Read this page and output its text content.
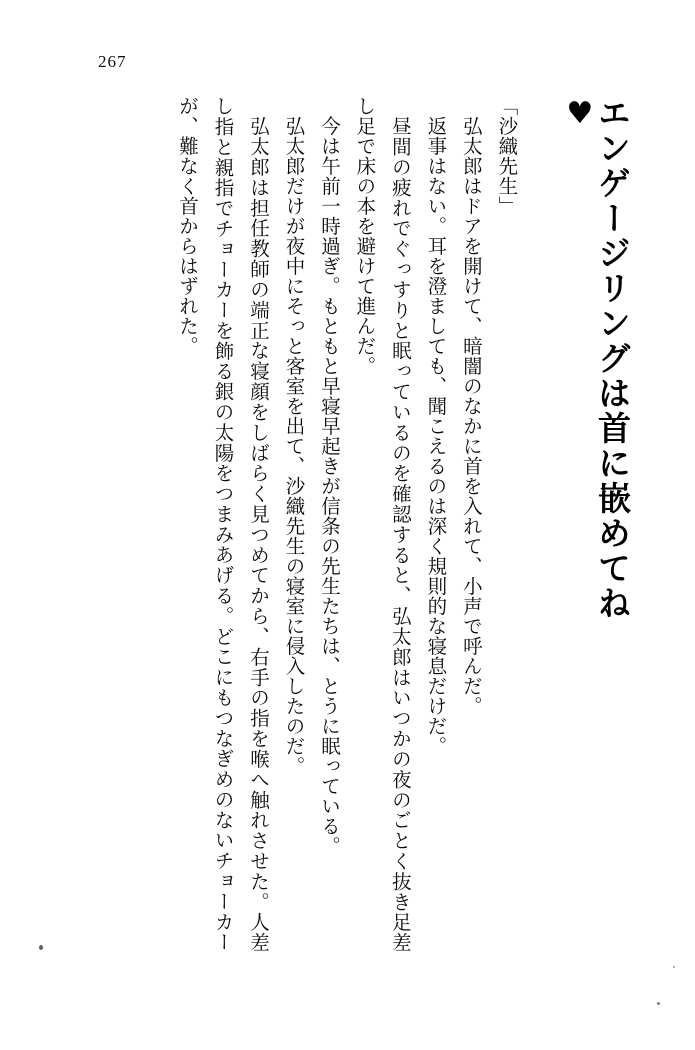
267
エンゲージリングは首に嵌めてね
♥

「沙織先生」

弘太郎はドアを開けて、暗闇のなかに首を入れて、小声で呼んだ。

返事はない。耳を澄ましても、聞こえるのは深く規則的な寝息だけだ。

昼間の疲れでぐっすりと眠っているのを確認すると、弘太郎はいつかの夜のごとく抜き足差し足で床の本を避けて進んだ。

今は午前一時過ぎ。もともと早寝早起きが信条の先生たちは、とうに眠っている。

弘太郎だけが夜中にそっと客室を出て、沙織先生の寝室に侵入したのだ。

弘太郎は担任教師の端正な寝顔をしばらく見つめてから、右手の指を喉へ触れさせた。人差し指と親指でチョーカーを飾る銀の太陽をつまみあげる。どこにもつなぎめのないチョーカーが、難なく首からはずれた。
